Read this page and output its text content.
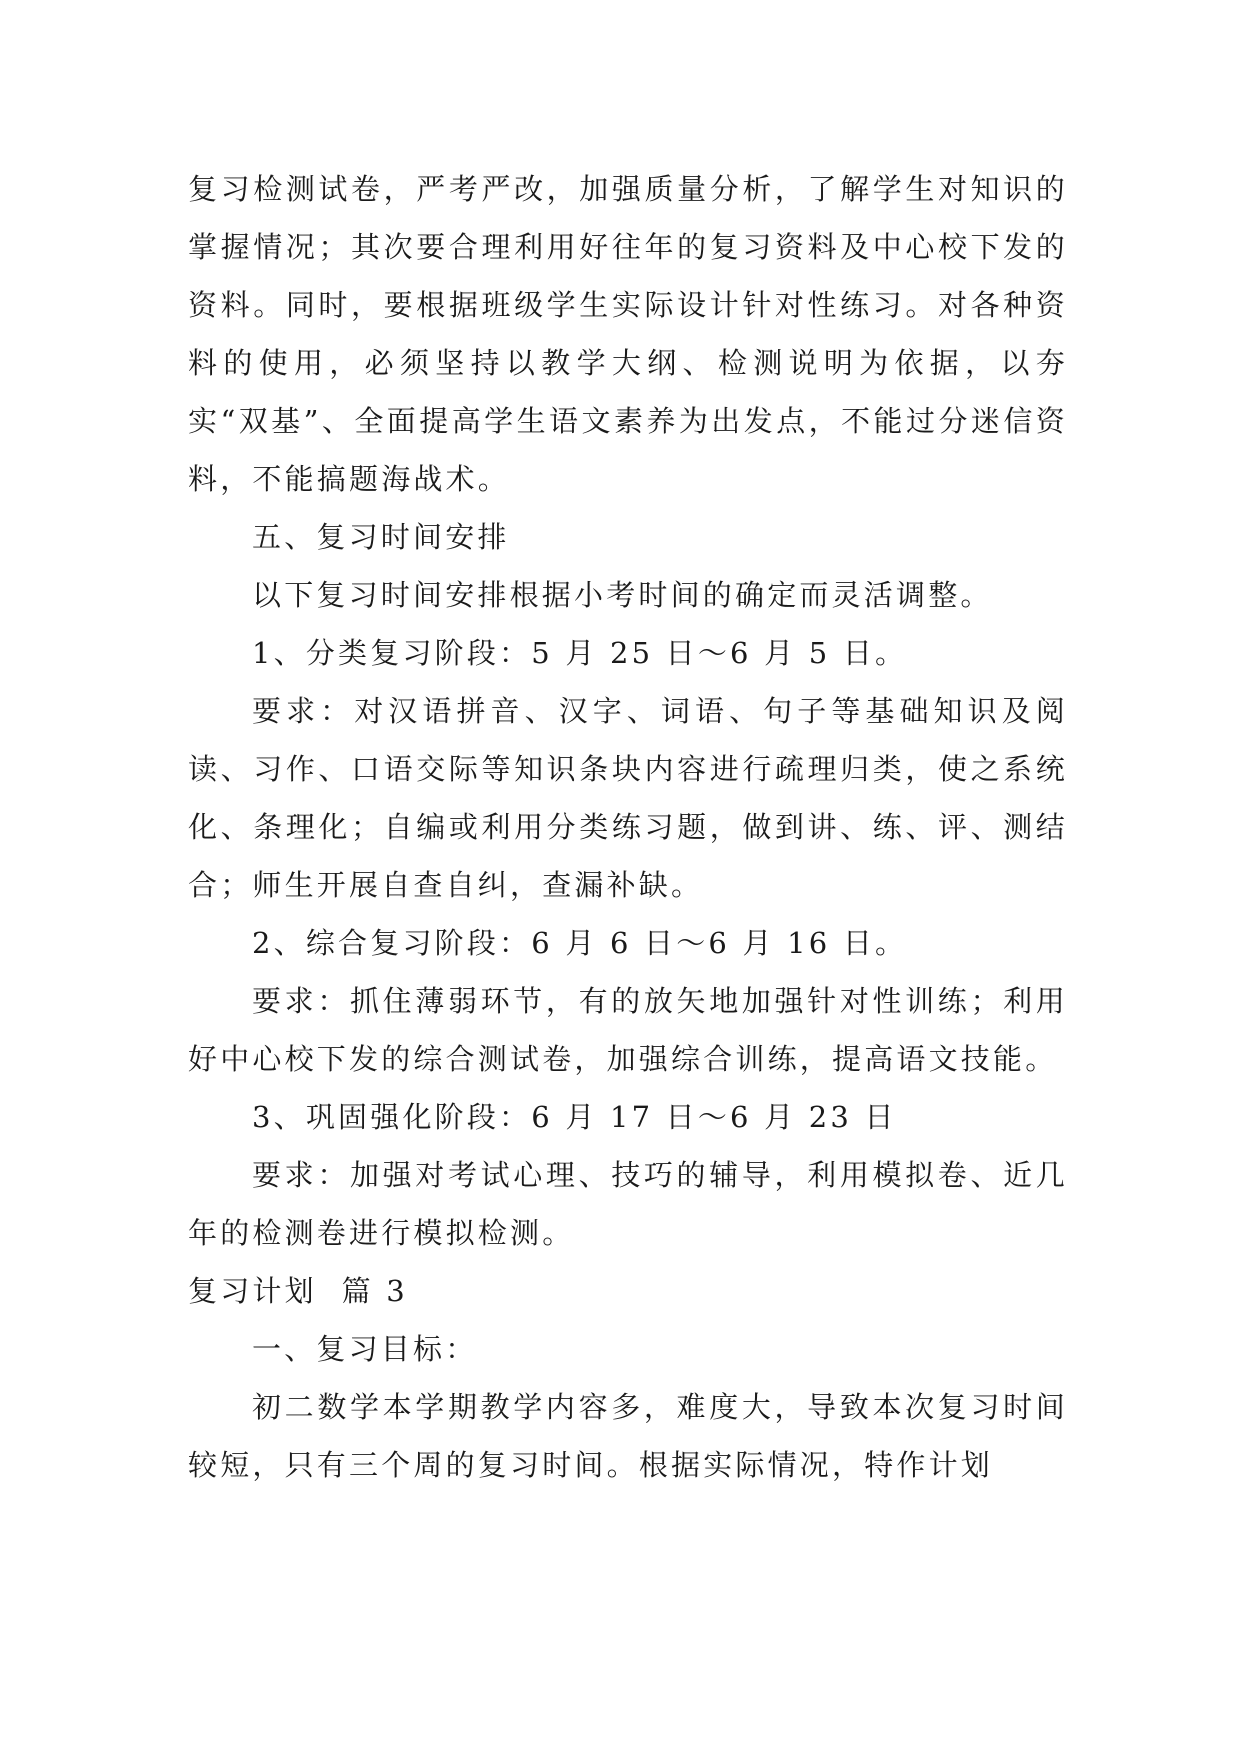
复习检测试卷，严考严改，加强质量分析，了解学生对知识的掌握情况；其次要合理利用好往年的复习资料及中心校下发的资料。同时，要根据班级学生实际设计针对性练习。对各种资料的使用，必须坚持以教学大纲、检测说明为依据，以夯实“双基”、全面提高学生语文素养为出发点，不能过分迷信资料，不能搞题海战术。

五、复习时间安排

以下复习时间安排根据小考时间的确定而灵活调整。

1、分类复习阶段：5 月 25 日～6 月 5 日。

要求：对汉语拼音、汉字、词语、句子等基础知识及阅读、习作、口语交际等知识条块内容进行疏理归类，使之系统化、条理化；自编或利用分类练习题，做到讲、练、评、测结合；师生开展自查自纠，查漏补缺。

2、综合复习阶段：6 月 6 日～6 月 16 日。

要求：抓住薄弱环节，有的放矢地加强针对性训练；利用好中心校下发的综合测试卷，加强综合训练，提高语文技能。

3、巩固强化阶段：6 月 17 日～6 月 23 日

要求：加强对考试心理、技巧的辅导，利用模拟卷、近几年的检测卷进行模拟检测。

复习计划  篇 3

一、复习目标：

初二数学本学期教学内容多，难度大，导致本次复习时间较短，只有三个周的复习时间。根据实际情况，特作计划
